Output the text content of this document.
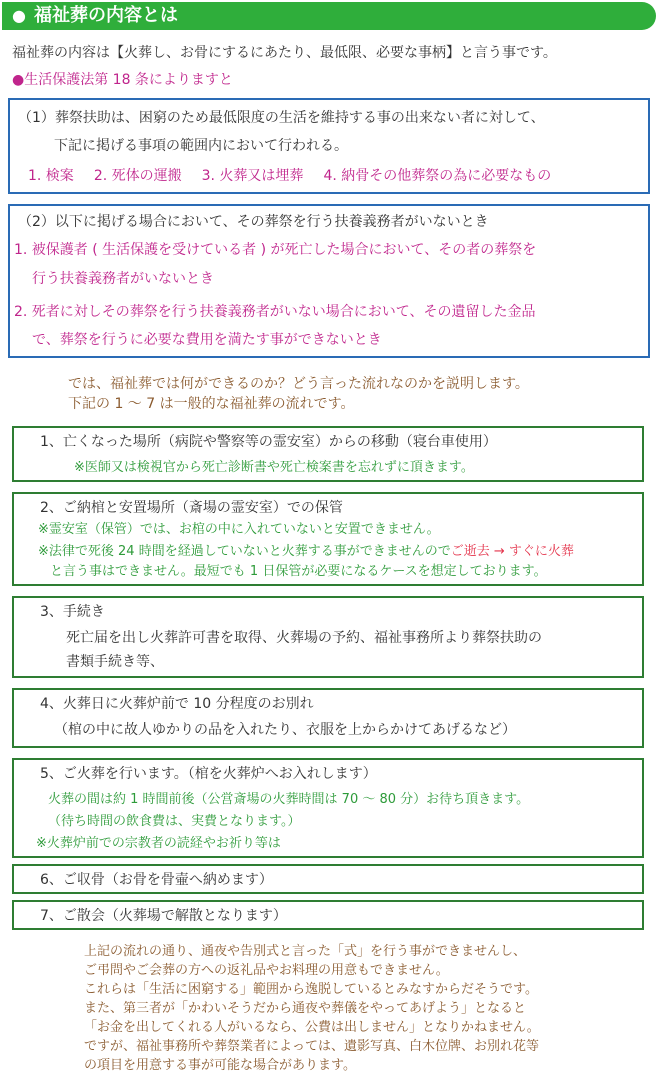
● 福祉葬の内容とは
福祉葬の内容は【火葬し、お骨にするにあたり、最低限、必要な事柄】と言う事です。
●生活保護法第 18 条によりますと
（1）葬祭扶助は、困窮のため最低限度の生活を維持する事の出来ない者に対して、
下記に掲げる事項の範囲内において行われる。
1. 検案 2. 死体の運搬 3. 火葬又は埋葬 4. 納骨その他葬祭の為に必要なもの
（2）以下に掲げる場合において、その葬祭を行う扶養義務者がいないとき
1. 被保護者 ( 生活保護を受けている者 ) が死亡した場合において、その者の葬祭を
行う扶養義務者がいないとき
2. 死者に対しその葬祭を行う扶養義務者がいない場合において、その遺留した金品
で、葬祭を行うに必要な費用を満たす事ができないとき
では、福祉葬では何ができるのか？どう言った流れなのかを説明します。
下記の 1 ～ 7 は一般的な福祉葬の流れです。
1、亡くなった場所（病院や警察等の霊安室）からの移動（寝台車使用）
※医師又は検視官から死亡診断書や死亡検案書を忘れずに頂きます。
2、ご納棺と安置場所（斎場の霊安室）での保管
※霊安室（保管）では、お棺の中に入れていないと安置できません。
※法律で死後 24 時間を経過していないと火葬する事ができませんのでご逝去 → すぐに火葬
と言う事はできません。最短でも 1 日保管が必要になるケースを想定しております。
3、手続き
死亡届を出し火葬許可書を取得、火葬場の予約、福祉事務所より葬祭扶助の
書類手続き等、
4、火葬日に火葬炉前で 10 分程度のお別れ
（棺の中に故人ゆかりの品を入れたり、衣服を上からかけてあげるなど）
5、ご火葬を行います。（棺を火葬炉へお入れします）
火葬の間は約 1 時間前後（公営斎場の火葬時間は 70 ～ 80 分）お待ち頂きます。
（待ち時間の飲食費は、実費となります。）
※火葬炉前での宗教者の読経やお祈り等は
6、ご収骨（お骨を骨壷へ納めます）
7、ご散会（火葬場で解散となります）
上記の流れの通り、通夜や告別式と言った「式」を行う事ができませんし、
ご弔問やご会葬の方への返礼品やお料理の用意もできません。
これらは「生活に困窮する」範囲から逸脱しているとみなすからだそうです。
また、第三者が「かわいそうだから通夜や葬儀をやってあげよう」となると
「お金を出してくれる人がいるなら、公費は出しません」となりかねません。
ですが、福祉事務所や葬祭業者によっては、遺影写真、白木位牌、お別れ花等
の項目を用意する事が可能な場合があります。
